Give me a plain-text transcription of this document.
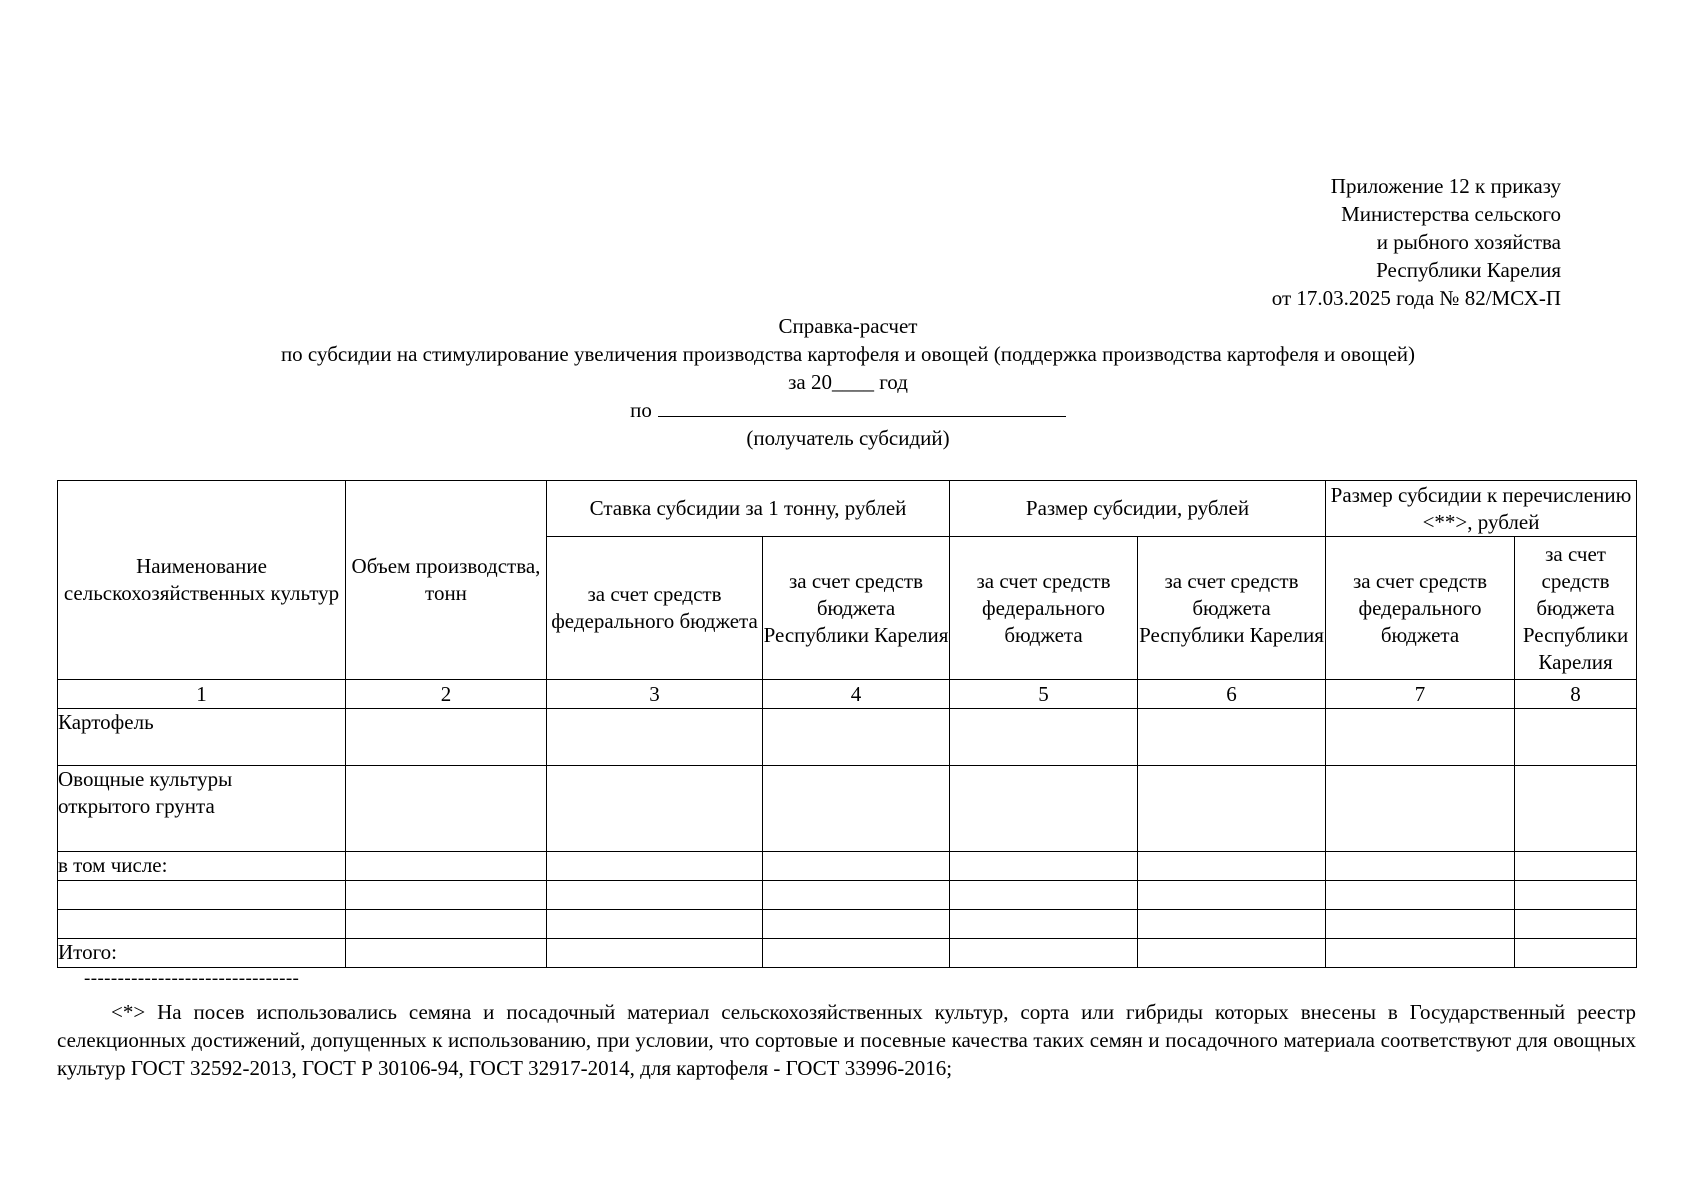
Приложение 12 к приказу
Министерства сельского
и рыбного хозяйства
Республики Карелия
от 17.03.2025 года № 82/МСХ-П
Справка-расчет
по субсидии на стимулирование увеличения производства картофеля и овощей (поддержка производства картофеля и овощей)
за 20____ год
по
(получатель субсидий)
Наименование сельскохозяйственных культур	Объем производства, тонн	Ставка субсидии за 1 тонну, рублей		Размер субсидии, рублей		Размер субсидии к перечислению <**>, рублей	
		за счет средств федерального бюджета	за счет средств бюджета Республики Карелия	за счет средств федерального бюджета	за счет средств бюджета Республики Карелия	за счет средств федерального бюджета	за счет средств бюджета Республики Карелия
1	2	3	4	5	6	7	8
Картофель							
Овощные культуры открытого грунта							
в том числе:							

Итого:							
--------------------------------
<*> На посев использовались семяна и посадочный материал сельскохозяйственных культур, сорта или гибриды которых внесены в Государственный реестр селекционных достижений, допущенных к использованию, при условии, что сортовые и посевные качества таких семян и посадочного материала соответствуют для овощных культур ГОСТ 32592-2013, ГОСТ Р 30106-94, ГОСТ 32917-2014, для картофеля - ГОСТ 33996-2016;
